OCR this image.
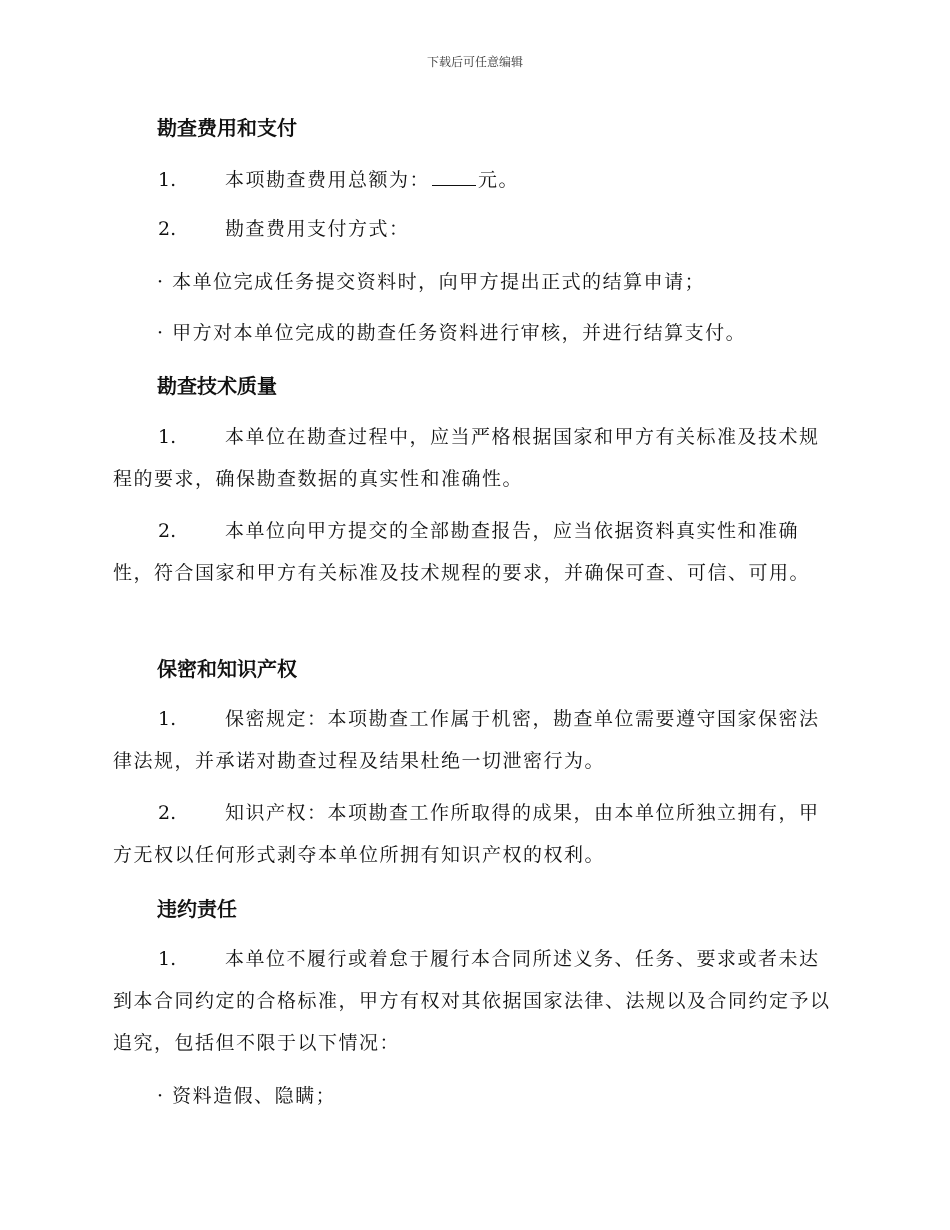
下载后可任意编辑
勘查费用和支付
1.	本项勘查费用总额为：	元。
2.	勘查费用支付方式：
· 本单位完成任务提交资料时，向甲方提出正式的结算申请；
· 甲方对本单位完成的勘查任务资料进行审核，并进行结算支付。
勘查技术质量
1.	本单位在勘查过程中，应当严格根据国家和甲方有关标准及技术规程的要求，确保勘查数据的真实性和准确性。
2.	本单位向甲方提交的全部勘查报告，应当依据资料真实性和准确性，符合国家和甲方有关标准及技术规程的要求，并确保可查、可信、可用。
保密和知识产权
1.	保密规定：本项勘查工作属于机密，勘查单位需要遵守国家保密法律法规，并承诺对勘查过程及结果杜绝一切泄密行为。
2.	知识产权：本项勘查工作所取得的成果，由本单位所独立拥有，甲方无权以任何形式剥夺本单位所拥有知识产权的权利。
违约责任
1.	本单位不履行或着怠于履行本合同所述义务、任务、要求或者未达到本合同约定的合格标准，甲方有权对其依据国家法律、法规以及合同约定予以追究，包括但不限于以下情况：
· 资料造假、隐瞒；
